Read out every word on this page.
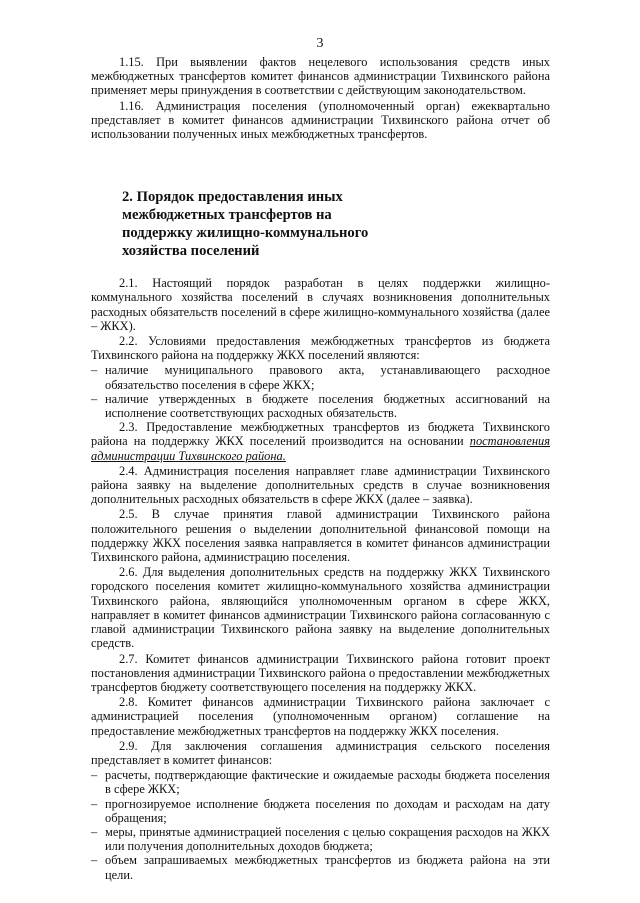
3

1.15. При выявлении фактов нецелевого использования средств иных межбюджетных трансфертов комитет финансов администрации Тихвинского района применяет меры принуждения в соответствии с действующим законодательством.

1.16. Администрация поселения (уполномоченный орган) ежеквартально представляет в комитет финансов администрации Тихвинского района отчет об использовании полученных иных межбюджетных трансфертов.

2. Порядок предоставления иных межбюджетных трансфертов на поддержку жилищно-коммунального хозяйства поселений

2.1. Настоящий порядок разработан в целях поддержки жилищно- коммунального хозяйства поселений в случаях возникновения дополнительных расходных обязательств поселений в сфере жилищно-коммунального хозяйства (далее – ЖКХ).

2.2. Условиями предоставления межбюджетных трансфертов из бюджета Тихвинского района на поддержку ЖКХ поселений являются:

– наличие муниципального правового акта, устанавливающего расходное обязательство поселения в сфере ЖКХ;
– наличие утвержденных в бюджете поселения бюджетных ассигнований на исполнение соответствующих расходных обязательств.

2.3. Предоставление межбюджетных трансфертов из бюджета Тихвинского района на поддержку ЖКХ поселений производится на основании постановления администрации Тихвинского района.

2.4. Администрация поселения направляет главе администрации Тихвинского района заявку на выделение дополнительных средств в случае возникновения дополнительных расходных обязательств в сфере ЖКХ (далее – заявка).

2.5. В случае принятия главой администрации Тихвинского района положительного решения о выделении дополнительной финансовой помощи на поддержку ЖКХ поселения заявка направляется в комитет финансов администрации Тихвинского района, администрацию поселения.

2.6. Для выделения дополнительных средств на поддержку ЖКХ Тихвинского городского поселения комитет жилищно-коммунального хозяйства администрации Тихвинского района, являющийся уполномоченным органом в сфере ЖКХ, направляет в комитет финансов администрации Тихвинского района согласованную с главой администрации Тихвинского района заявку на выделение дополнительных средств.

2.7. Комитет финансов администрации Тихвинского района готовит проект постановления администрации Тихвинского района о предоставлении межбюджетных трансфертов бюджету соответствующего поселения на поддержку ЖКХ.

2.8. Комитет финансов администрации Тихвинского района заключает с администрацией поселения (уполномоченным органом) соглашение на предоставление межбюджетных трансфертов на поддержку ЖКХ поселения.

2.9. Для заключения соглашения администрация сельского поселения представляет в комитет финансов:

– расчеты, подтверждающие фактические и ожидаемые расходы бюджета поселения в сфере ЖКХ;
– прогнозируемое исполнение бюджета поселения по доходам и расходам на дату обращения;
– меры, принятые администрацией поселения с целью сокращения расходов на ЖКХ или получения дополнительных доходов бюджета;
– объем запрашиваемых межбюджетных трансфертов из бюджета района на эти цели.
